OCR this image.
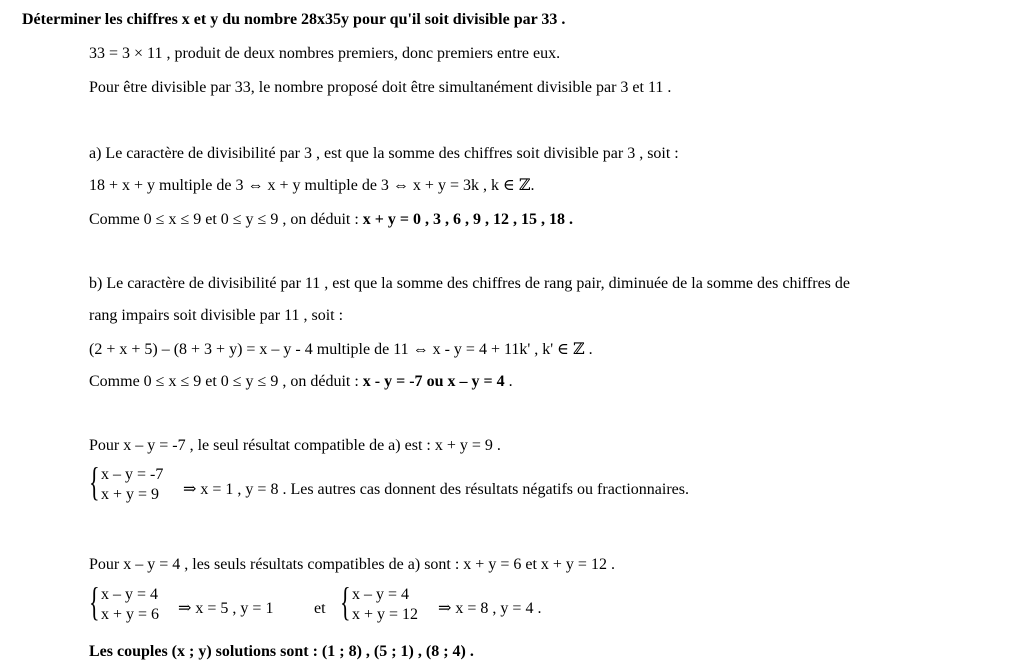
Déterminer les chiffres x et y du nombre 28x35y pour qu'il soit divisible par 33 .
33 = 3 × 11 , produit de deux nombres premiers, donc premiers entre eux.
Pour être divisible par 33, le nombre proposé doit être simultanément divisible par 3 et 11 .
a) Le caractère de divisibilité par 3 , est que la somme des chiffres soit divisible par 3 , soit :
18 + x + y multiple de 3 ⇔ x + y multiple de 3 ⇔ x + y = 3k , k ∈ ℤ.
Comme 0 ≤ x ≤ 9 et 0 ≤ y ≤ 9 , on déduit : x + y = 0 , 3 , 6 , 9 , 12 , 15 , 18 .
b) Le caractère de divisibilité par 11 , est que la somme des chiffres de rang pair, diminuée de la somme des chiffres de
rang impairs soit divisible par 11 , soit :
(2 + x + 5) – (8 + 3 + y) = x – y - 4 multiple de 11 ⇔ x - y = 4 + 11k' , k' ∈ ℤ .
Comme 0 ≤ x ≤ 9 et 0 ≤ y ≤ 9 , on déduit : x - y = -7 ou x – y = 4 .
Pour x – y = -7 , le seul résultat compatible de a) est : x + y = 9 .
{ x – y = -7
x + y = 9 ⇒ x = 1 , y = 8 . Les autres cas donnent des résultats négatifs ou fractionnaires.
Pour x – y = 4 , les seuls résultats compatibles de a) sont : x + y = 6 et x + y = 12 .
{ x – y = 4
x + y = 6 ⇒ x = 5 , y = 1	et { x – y = 4
x + y = 12 ⇒ x = 8 , y = 4 .
Les couples (x ; y) solutions sont : (1 ; 8) , (5 ; 1) , (8 ; 4) .
